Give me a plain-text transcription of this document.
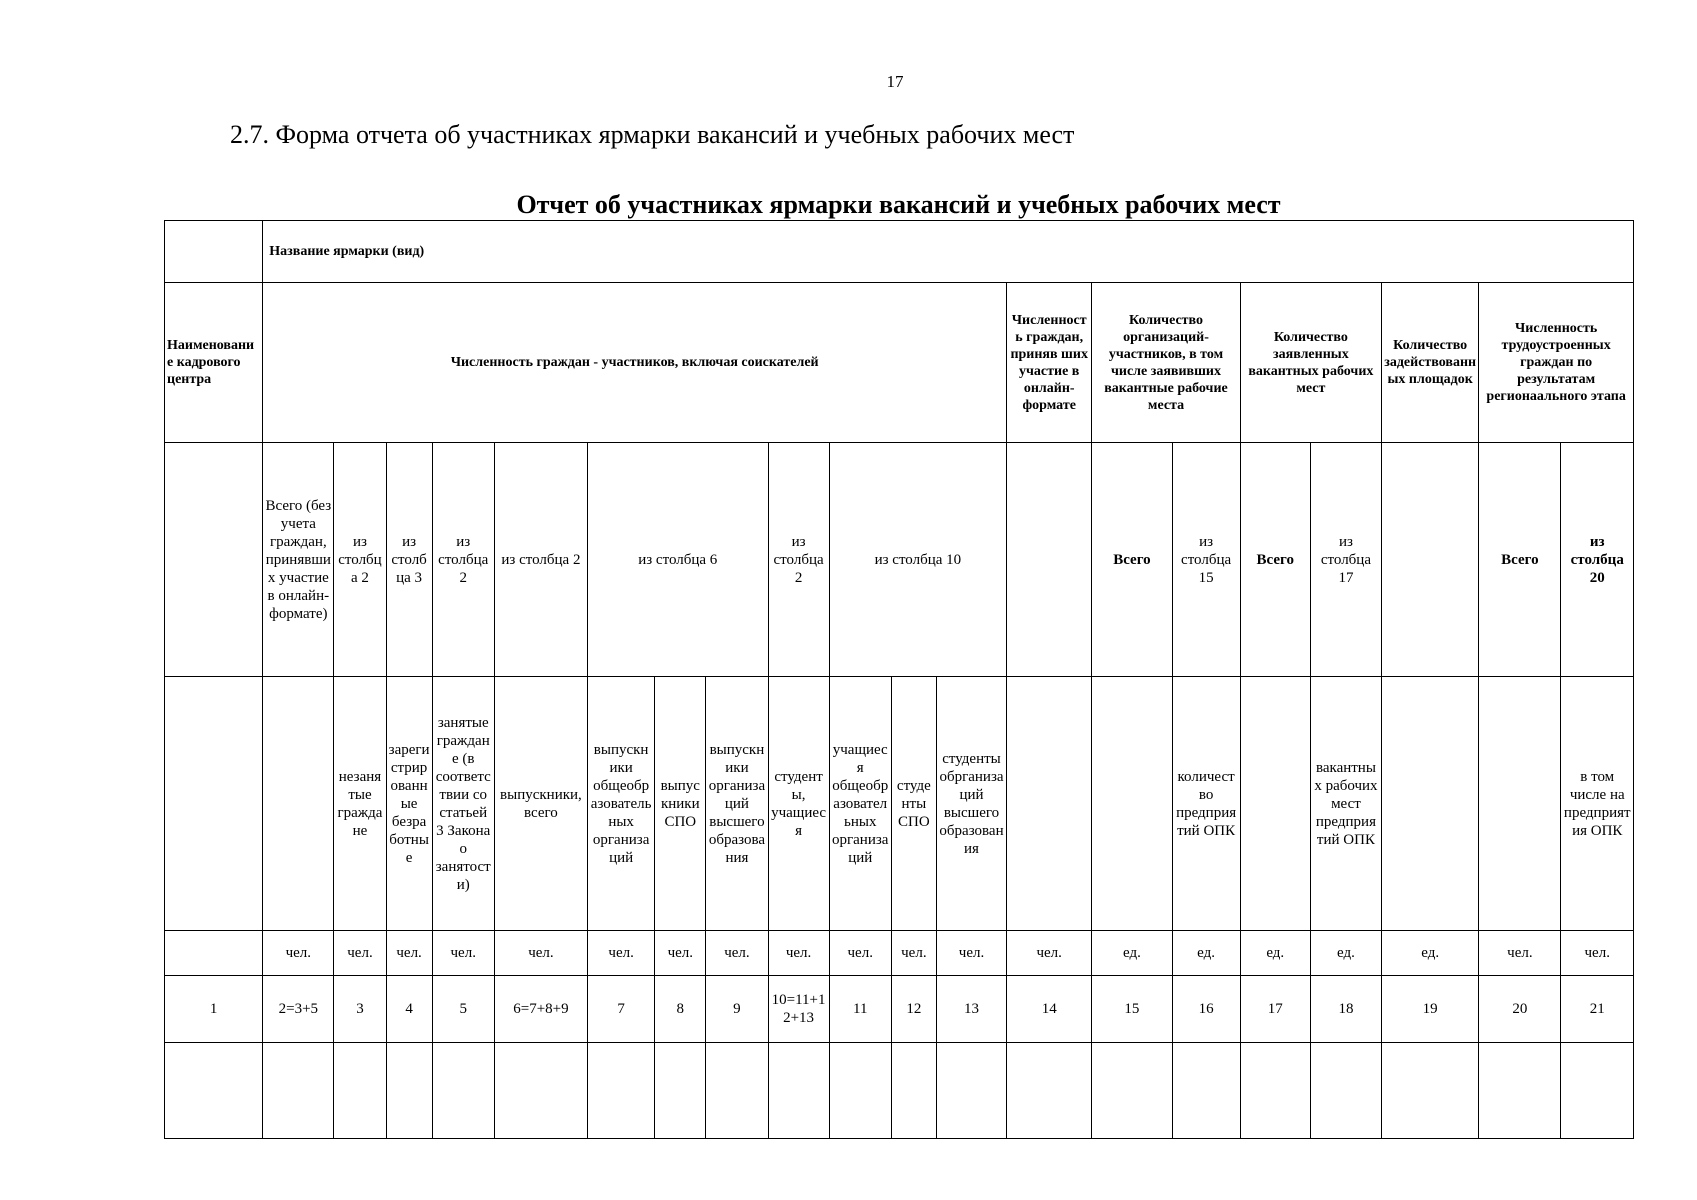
17
2.7. Форма отчета об участниках ярмарки вакансий и учебных рабочих мест
Отчет об участниках ярмарки вакансий и учебных рабочих мест
	Название ярмарки (вид)																			
Наименование кадрового центра	Численность граждан - участников, включая соискателей												Численность граждан, приняв ших участие в онлайн-формате	Количество организаций-участников, в том числе заявивших вакантные рабочие места		Количество заявленных вакантных рабочих мест		Количество задействованных площадок	Численность трудоустроенных граждан по результатам регионаального этапа	
	Всего (без учета граждан, принявших участие в онлайн-формате)	из столбца 2	из столбца 3	из столбца 2	из столбца 2	из столбца 6			из столбца 2	из столбца 10				Всего	из столбца 15	Всего	из столбца 17		Всего	из столбца 20
		незанятые граждане	зарегистрированные безработные	занятые граждане (в соответствии со статьей 3 Закона о занятости)	выпускники, всего	выпускники общеобразовательных организаций	выпускники СПО	выпускники организаций высшего образования	студенты, учащиеся	учащиеся общеобразовательных организаций	студенты СПО	студенты обрганизаций высшего образования			количество предприятий ОПК		вакантных рабочих мест предприятий ОПК			в том числе на предприятия ОПК
	чел.	чел.	чел.	чел.	чел.	чел.	чел.	чел.	чел.	чел.	чел.	чел.	чел.	ед.	ед.	ед.	ед.	ед.	чел.	чел.
1	2=3+5	3	4	5	6=7+8+9	7	8	9	10=11+12+13	11	12	13	14	15	16	17	18	19	20	21
